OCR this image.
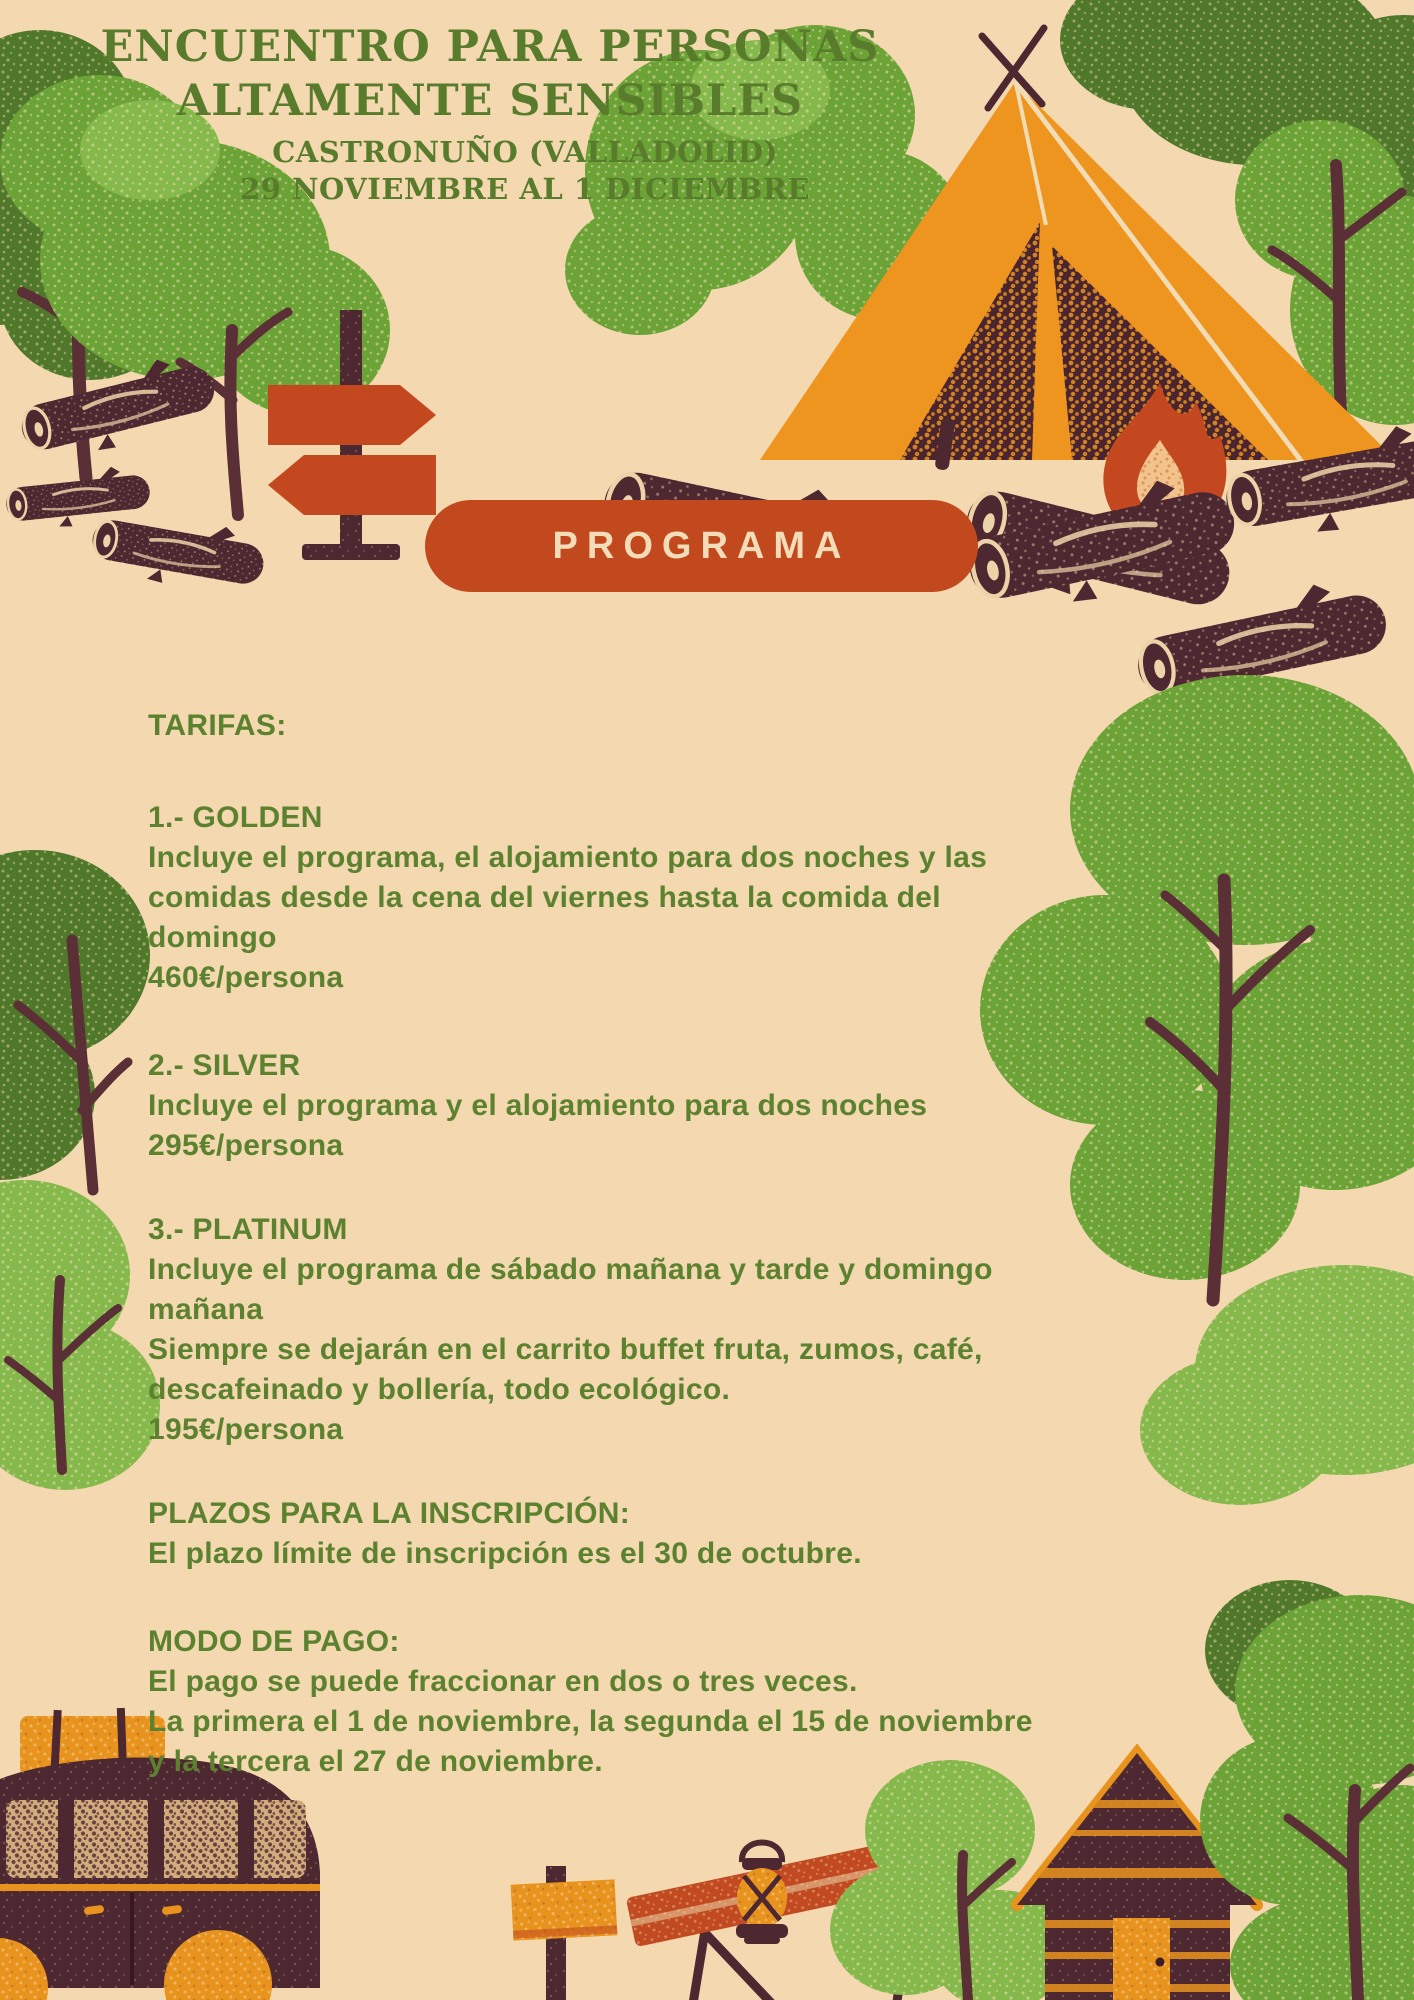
ENCUENTRO PARA PERSONAS
ALTAMENTE SENSIBLES
CASTRONUÑO (VALLADOLID)
29 NOVIEMBRE AL 1 DICIEMBRE
PROGRAMA
TARIFAS:
1.- GOLDEN
Incluye el programa, el alojamiento para dos noches y las
comidas desde la cena del viernes hasta la comida del
domingo
460€/persona
2.- SILVER
Incluye el programa y el alojamiento para dos noches
295€/persona
3.- PLATINUM
Incluye el programa de sábado mañana y tarde y domingo
mañana
Siempre se dejarán en el carrito buffet fruta, zumos, café,
descafeinado y bollería, todo ecológico.
195€/persona
PLAZOS PARA LA INSCRIPCIÓN:
El plazo límite de inscripción es el 30 de octubre.
MODO DE PAGO:
El pago se puede fraccionar en dos o tres veces.
La primera el 1 de noviembre, la segunda el 15 de noviembre
y la tercera el 27 de noviembre.
